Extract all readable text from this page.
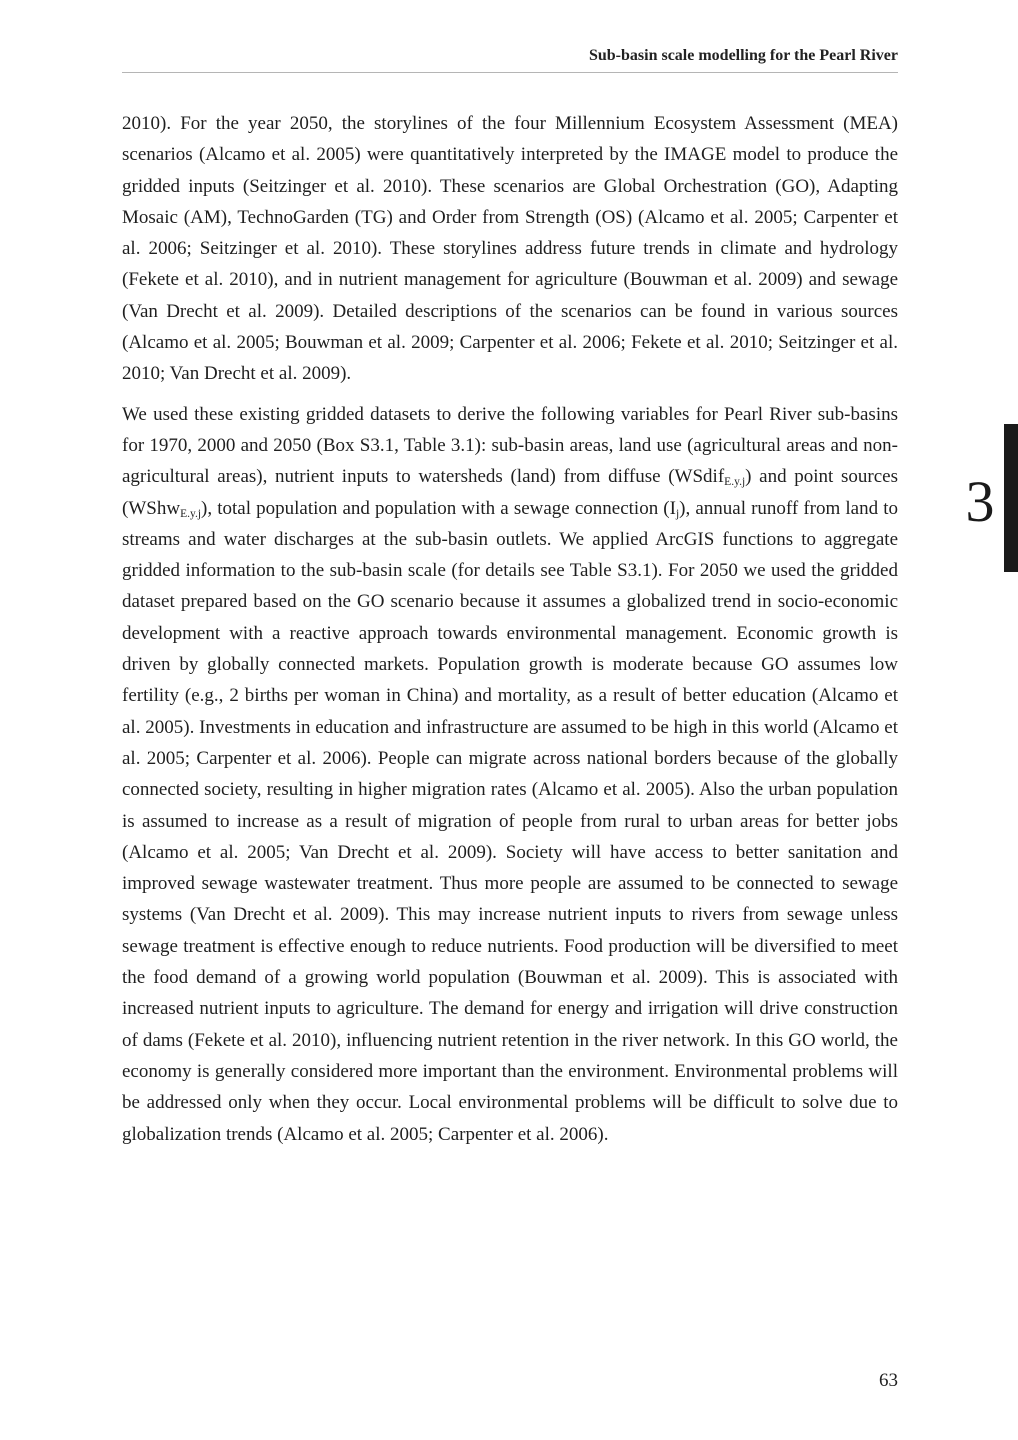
Sub-basin scale modelling for the Pearl River
3

2010). For the year 2050, the storylines of the four Millennium Ecosystem Assessment (MEA) scenarios (Alcamo et al. 2005) were quantitatively interpreted by the IMAGE model to produce the gridded inputs (Seitzinger et al. 2010). These scenarios are Global Orchestration (GO), Adapting Mosaic (AM), TechnoGarden (TG) and Order from Strength (OS) (Alcamo et al. 2005; Carpenter et al. 2006; Seitzinger et al. 2010). These storylines address future trends in climate and hydrology (Fekete et al. 2010), and in nutrient management for agriculture (Bouwman et al. 2009) and sewage (Van Drecht et al. 2009). Detailed descriptions of the scenarios can be found in various sources (Alcamo et al. 2005; Bouwman et al. 2009; Carpenter et al. 2006; Fekete et al. 2010; Seitzinger et al. 2010; Van Drecht et al. 2009).

We used these existing gridded datasets to derive the following variables for Pearl River sub-basins for 1970, 2000 and 2050 (Box S3.1, Table 3.1): sub-basin areas, land use (agricultural areas and non-agricultural areas), nutrient inputs to watersheds (land) from diffuse (WSdif$_{E.y.j}$) and point sources (WShw$_{E.y.j}$), total population and population with a sewage connection $(I_j)$, annual runoff from land to streams and water discharges at the sub-basin outlets. We applied ArcGIS functions to aggregate gridded information to the sub-basin scale (for details see Table S3.1). For 2050 we used the gridded dataset prepared based on the GO scenario because it assumes a globalized trend in socio-economic development with a reactive approach towards environmental management. Economic growth is driven by globally connected markets. Population growth is moderate because GO assumes low fertility (e.g., 2 births per woman in China) and mortality, as a result of better education (Alcamo et al. 2005). Investments in education and infrastructure are assumed to be high in this world (Alcamo et al. 2005; Carpenter et al. 2006). People can migrate across national borders because of the globally connected society, resulting in higher migration rates (Alcamo et al. 2005). Also the urban population is assumed to increase as a result of migration of people from rural to urban areas for better jobs (Alcamo et al. 2005; Van Drecht et al. 2009). Society will have access to better sanitation and improved sewage wastewater treatment. Thus more people are assumed to be connected to sewage systems (Van Drecht et al. 2009). This may increase nutrient inputs to rivers from sewage unless sewage treatment is effective enough to reduce nutrients. Food production will be diversified to meet the food demand of a growing world population (Bouwman et al. 2009). This is associated with increased nutrient inputs to agriculture. The demand for energy and irrigation will drive construction of dams (Fekete et al. 2010), influencing nutrient retention in the river network. In this GO world, the economy is generally considered more important than the environment. Environmental problems will be addressed only when they occur. Local environmental problems will be difficult to solve due to globalization trends (Alcamo et al. 2005; Carpenter et al. 2006).

63
